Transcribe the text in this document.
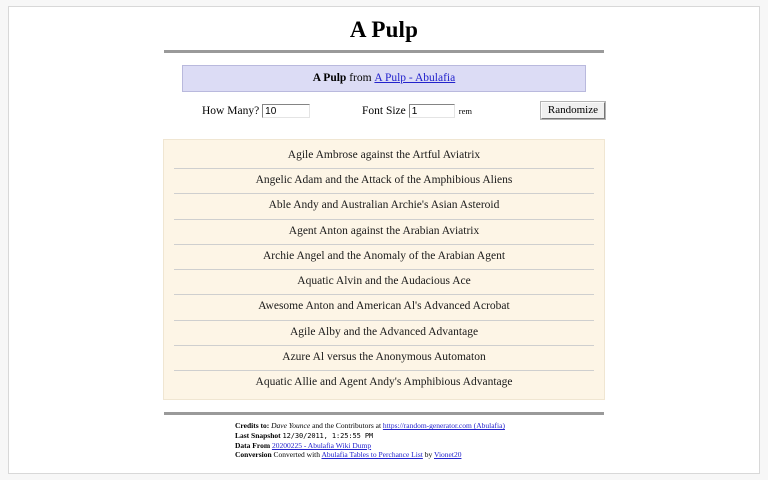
A Pulp
A Pulp from A Pulp - Abulafia
How Many? 10	Font Size 1	rem	Randomize
Agile Ambrose against the Artful Aviatrix
Angelic Adam and the Attack of the Amphibious Aliens
Able Andy and Australian Archie's Asian Asteroid
Agent Anton against the Arabian Aviatrix
Archie Angel and the Anomaly of the Arabian Agent
Aquatic Alvin and the Audacious Ace
Awesome Anton and American Al's Advanced Acrobat
Agile Alby and the Advanced Advantage
Azure Al versus the Anonymous Automaton
Aquatic Allie and Agent Andy's Amphibious Advantage
Credits to: Dave Younce and the Contributors at https://random-generator.com (Abulafia)
Last Snapshot 12/30/2011, 1:25:55 PM
Data From 20200225 - Abulafia Wiki Dump
Conversion Converted with Abulafia Tables to Perchance List by Vionet20
